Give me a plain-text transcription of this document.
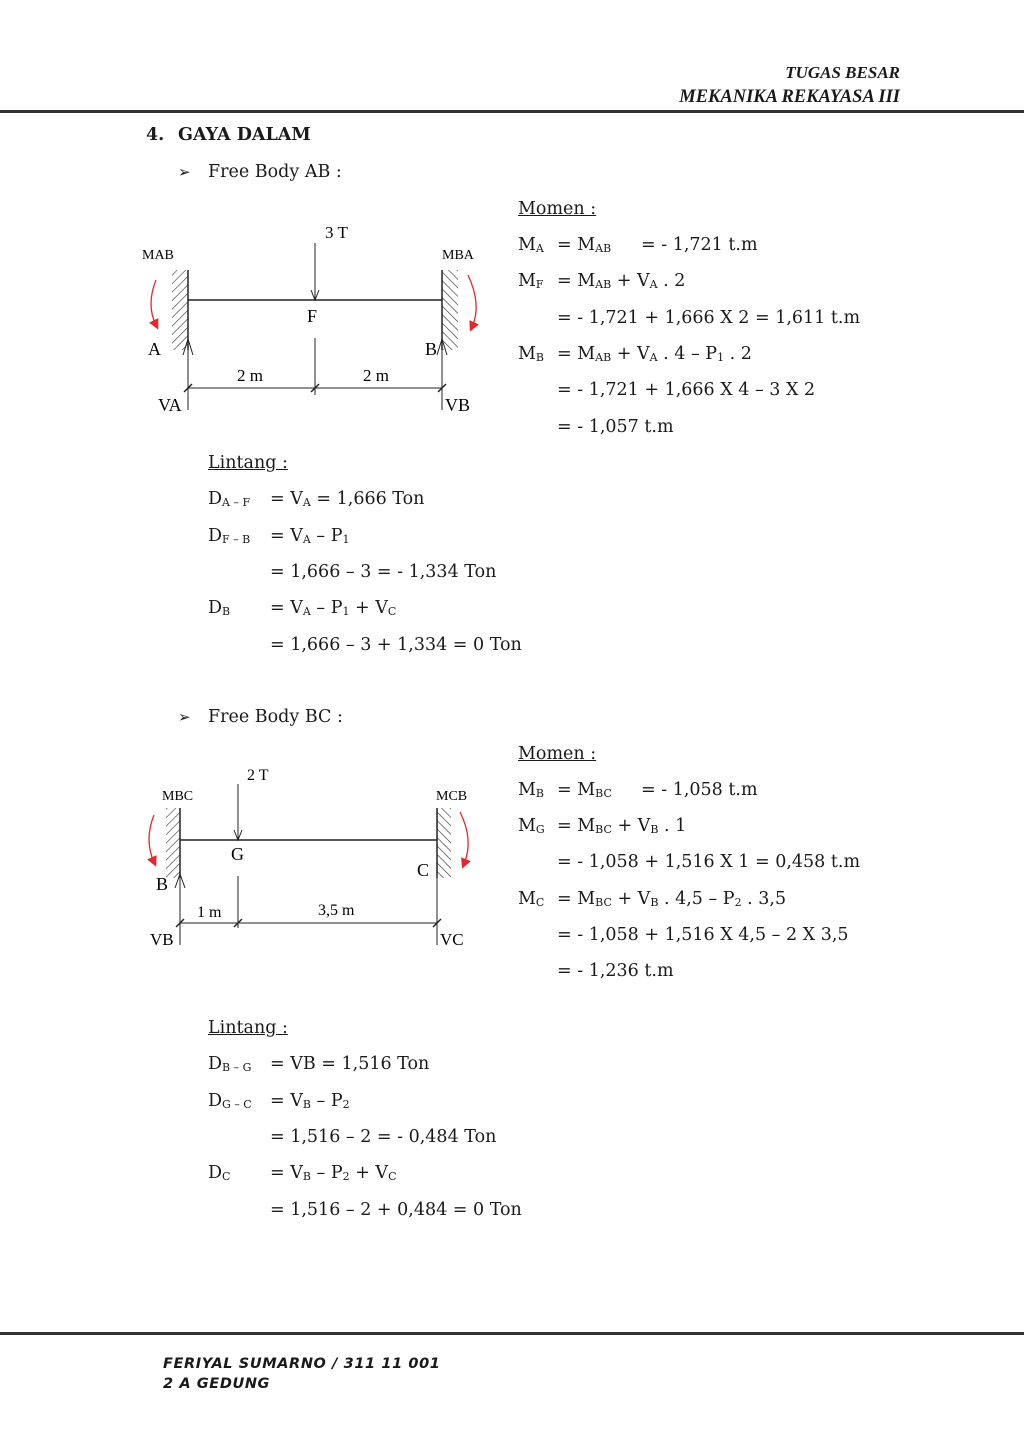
TUGAS BESAR
MEKANIKA REKAYASA III
4. GAYA DALAM
➢ Free Body AB :
3 T
MAB	MBA
F
2 m	2 m
A	B
VA	VB
Momen :
MA = MAB = - 1,721 t.m
MF = MAB + VA . 2
= - 1,721 + 1,666 X 2 = 1,611 t.m
MB = MAB + VA . 4 – P1 . 2
= - 1,721 + 1,666 X 4 – 3 X 2
= - 1,057 t.m
Lintang :
DA – F = VA = 1,666 Ton
DF – B = VA – P1
= 1,666 – 3 = - 1,334 Ton
DB = VA – P1 + VC
= 1,666 – 3 + 1,334 = 0 Ton
➢ Free Body BC :
2 T
MBC	MCB
G
1 m	3,5 m
B
C
VB	VC
Momen :
MB = MBC = - 1,058 t.m
MG = MBC + VB . 1
= - 1,058 + 1,516 X 1 = 0,458 t.m
MC = MBC + VB . 4,5 – P2 . 3,5
= - 1,058 + 1,516 X 4,5 – 2 X 3,5
= - 1,236 t.m
Lintang :
DB – G = VB = 1,516 Ton
DG – C = VB – P2
= 1,516 – 2 = - 0,484 Ton
DC = VB – P2 + VC
= 1,516 – 2 + 0,484 = 0 Ton
FERIYAL SUMARNO / 311 11 001
2 A GEDUNG
